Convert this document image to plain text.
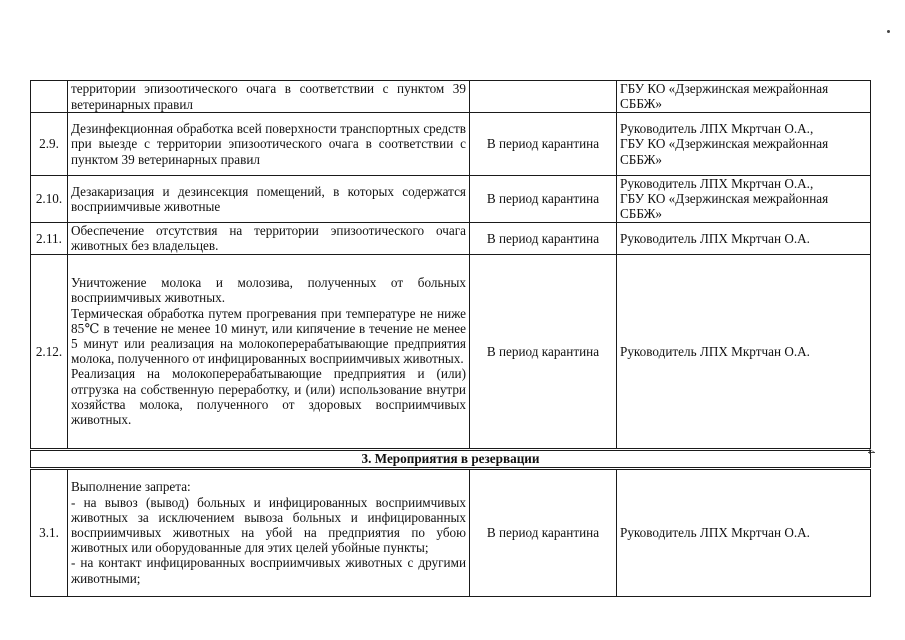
4

	территории эпизоотического очага в соответствии с пунктом 39 ветеринарных правил		ГБУ КО «Дзержинская межрайонная СББЖ»
2.9.	Дезинфекционная обработка всей поверхности транспортных средств при выезде с территории эпизоотического очага в соответствии с пунктом 39 ветеринарных правил	В период карантина	Руководитель ЛПХ Мкртчан О.А.,
ГБУ КО «Дзержинская межрайонная СББЖ»

2.10.	Дезакаризация и дезинсекция помещений, в которых содержатся восприимчивые животные	В период карантина	Руководитель ЛПХ Мкртчан О.А.,
ГБУ КО «Дзержинская межрайонная СББЖ»

2.11.	Обеспечение отсутствия на территории эпизоотического очага животных без владельцев.	В период карантина	Руководитель ЛПХ Мкртчан О.А.

2.12.	Уничтожение молока и молозива, полученных от больных восприимчивых животных.
Термическая обработка путем прогревания при температуре не ниже 85℃ в течение не менее 10 минут, или кипячение в течение не менее 5 минут или реализация на молокоперерабатывающие предприятия молока, полученного от инфицированных восприимчивых животных.
Реализация на молокоперерабатывающие предприятия и (или) отгрузка на собственную переработку, и (или) использование внутри хозяйства молока, полученного от здоровых восприимчивых животных.	В период карантина	Руководитель ЛПХ Мкртчан О.А.

3. Мероприятия в резервации			
3.1.	Выполнение запрета:
- на вывоз (вывод) больных и инфицированных восприимчивых животных за исключением вывоза больных и инфицированных восприимчивых животных на убой на предприятия по убою животных или оборудованные для этих целей убойные пункты;
- на контакт инфицированных восприимчивых животных с другими животными;	В период карантина	Руководитель ЛПХ Мкртчан О.А.
